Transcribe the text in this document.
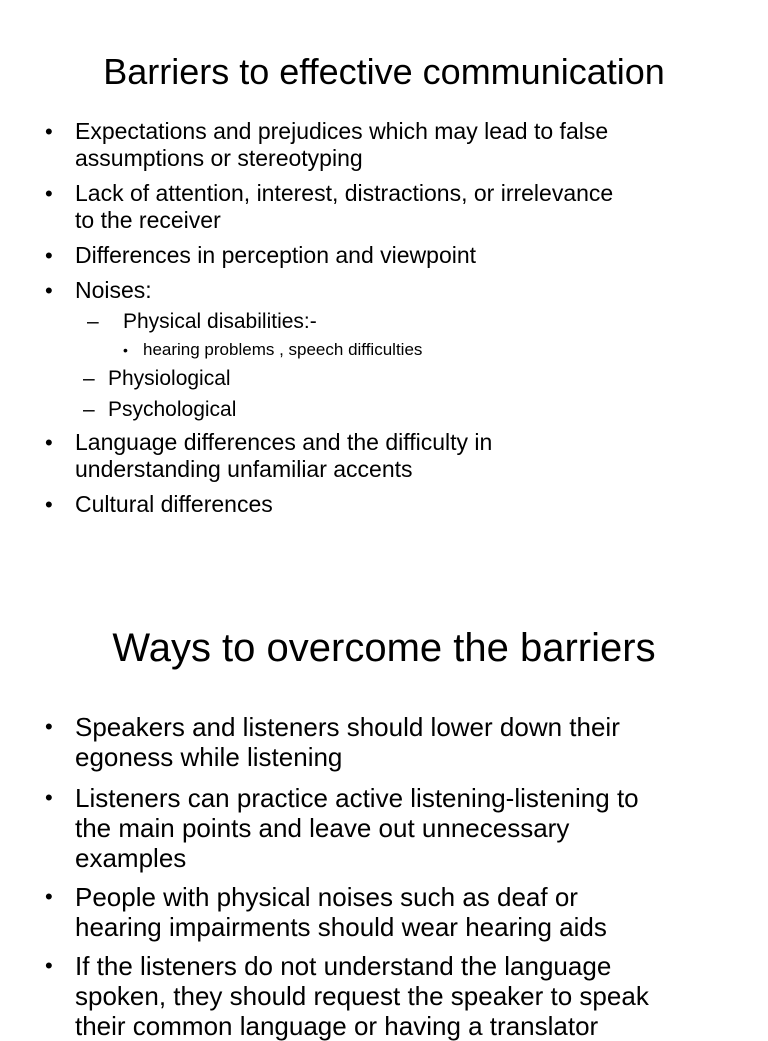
Barriers to effective communication
• Expectations and prejudices which may lead to false
assumptions or stereotyping
• Lack of attention, interest, distractions, or irrelevance
to the receiver
• Differences in perception and viewpoint
• Noises:
– Physical disabilities:-
• hearing problems , speech difficulties
– Physiological
– Psychological
• Language differences and the difficulty in
understanding unfamiliar accents
• Cultural differences
Ways to overcome the barriers
• Speakers and listeners should lower down their
egoness while listening
• Listeners can practice active listening-listening to
the main points and leave out unnecessary
examples
• People with physical noises such as deaf or
hearing impairments should wear hearing aids
• If the listeners do not understand the language
spoken, they should request the speaker to speak
their common language or having a translator
